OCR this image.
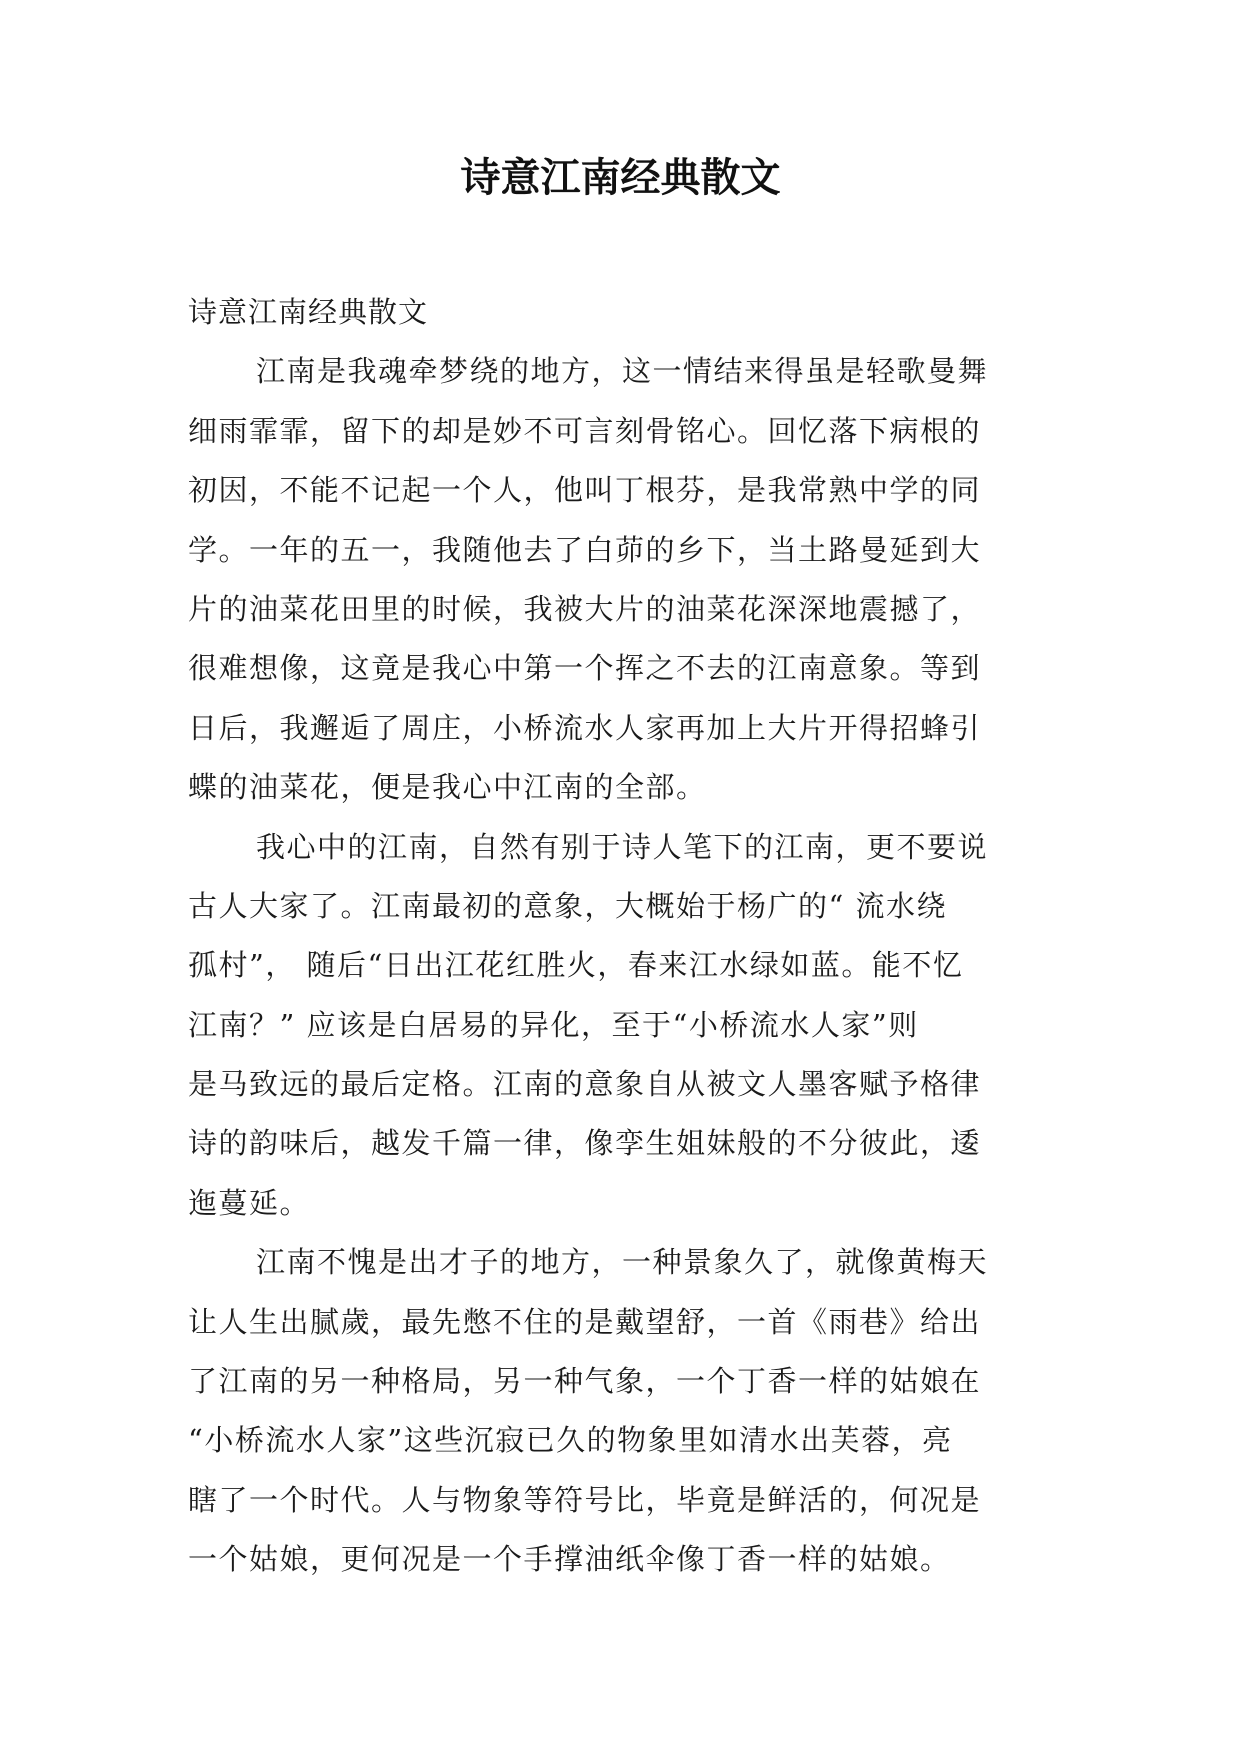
诗意江南经典散文

诗意江南经典散文

江南是我魂牵梦绕的地方，这一情结来得虽是轻歌曼舞
细雨霏霏，留下的却是妙不可言刻骨铭心。回忆落下病根的
初因，不能不记起一个人，他叫丁根芬，是我常熟中学的同
学。一年的五一，我随他去了白茆的乡下，当土路曼延到大
片的油菜花田里的时候，我被大片的油菜花深深地震撼了，
很难想像，这竟是我心中第一个挥之不去的江南意象。等到
日后，我邂逅了周庄，小桥流水人家再加上大片开得招蜂引
蝶的油菜花，便是我心中江南的全部。
我心中的江南，自然有别于诗人笔下的江南，更不要说
古人大家了。江南最初的意象，大概始于杨广的“ 流水绕
孤村”， 随后“日出江花红胜火，春来江水绿如蓝。能不忆
江南？” 应该是白居易的异化，至于“小桥流水人家”则
是马致远的最后定格。江南的意象自从被文人墨客赋予格律
诗的韵味后，越发千篇一律，像孪生姐妹般的不分彼此，逶
迤蔓延。
江南不愧是出才子的地方，一种景象久了，就像黄梅天
让人生出腻歲，最先憋不住的是戴望舒，一首《雨巷》给出
了江南的另一种格局，另一种气象，一个丁香一样的姑娘在
“小桥流水人家”这些沉寂已久的物象里如清水出芙蓉，亮
瞎了一个时代。人与物象等符号比，毕竟是鲜活的，何况是
一个姑娘，更何况是一个手撑油纸伞像丁香一样的姑娘。
